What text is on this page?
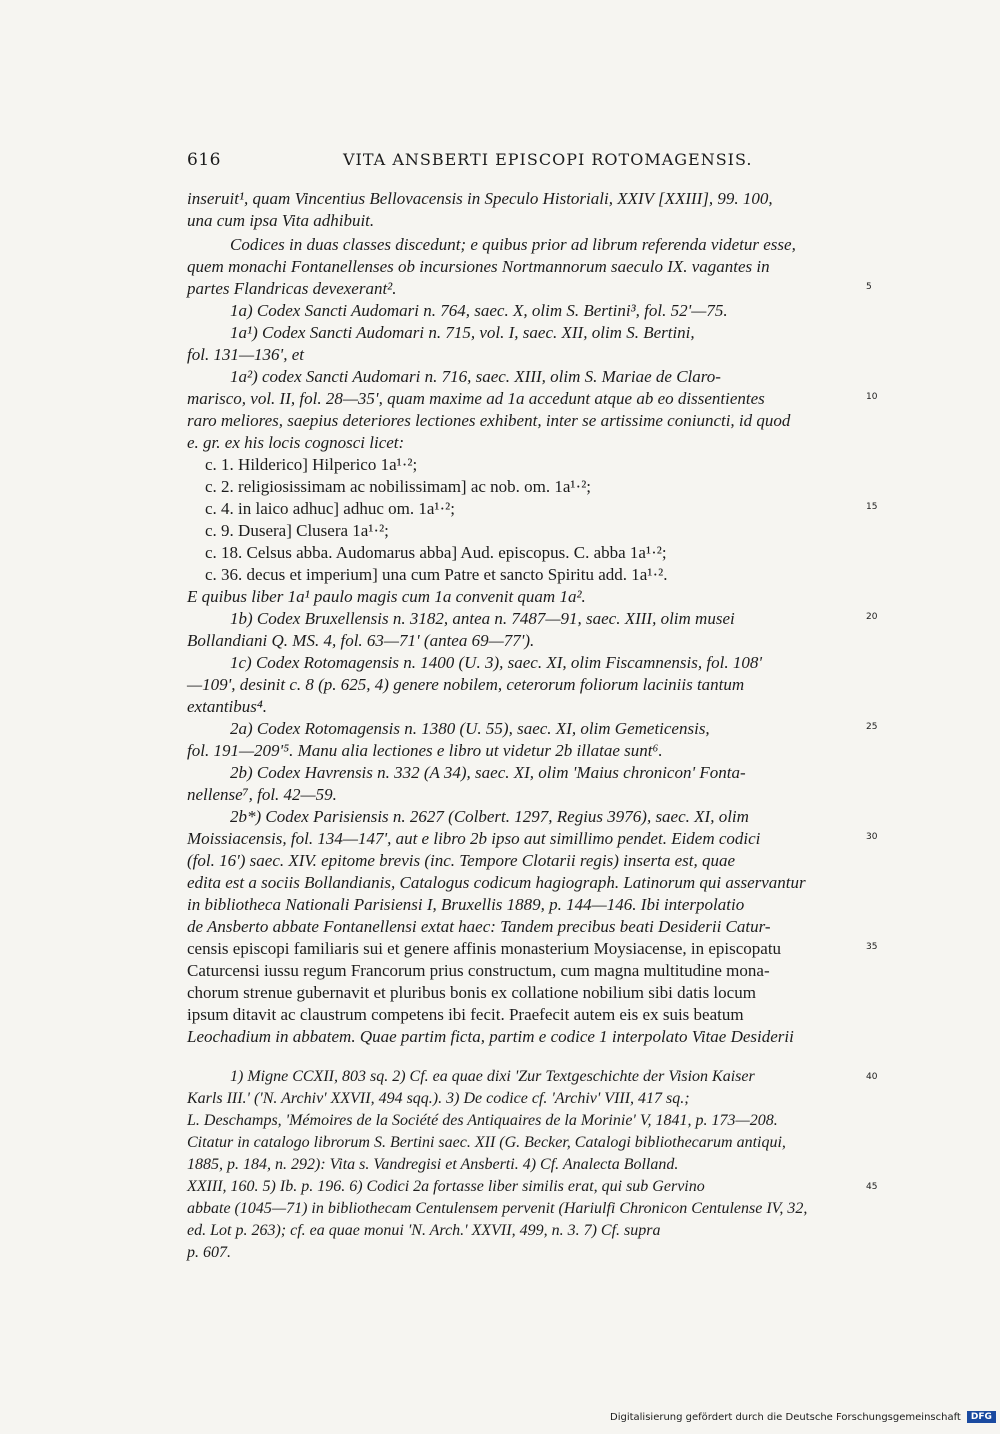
616	VITA ANSBERTI EPISCOPI ROTOMAGENSIS.
inseruit¹, quam Vincentius Bellovacensis in Speculo Historiali, XXIV [XXIII], 99. 100,
una cum ipsa Vita adhibuit.
Codices in duas classes discedunt; e quibus prior ad librum referenda videtur esse,
quem monachi Fontanellenses ob incursiones Nortmannorum saeculo IX. vagantes in
partes Flandricas devexerant².
1a) Codex Sancti Audomari n. 764, saec. X, olim S. Bertini³, fol. 52'—75.
1a¹) Codex Sancti Audomari n. 715, vol. I, saec. XII, olim S. Bertini,
fol. 131—136', et
1a²) codex Sancti Audomari n. 716, saec. XIII, olim S. Mariae de Claro-
marisco, vol. II, fol. 28—35', quam maxime ad 1a accedunt atque ab eo dissentientes
raro meliores, saepius deteriores lectiones exhibent, inter se artissime coniuncti, id quod
e. gr. ex his locis cognosci licet:
c. 1. Hilderico] Hilperico 1a¹·²;
c. 2. religiosissimam ac nobilissimam] ac nob. om. 1a¹·²;
c. 4. in laico adhuc] adhuc om. 1a¹·²;
c. 9. Dusera] Clusera 1a¹·²;
c. 18. Celsus abba. Audomarus abba] Aud. episcopus. C. abba 1a¹·²;
c. 36. decus et imperium] una cum Patre et sancto Spiritu add. 1a¹·².
E quibus liber 1a¹ paulo magis cum 1a convenit quam 1a².
1b) Codex Bruxellensis n. 3182, antea n. 7487—91, saec. XIII, olim musei
Bollandiani Q. MS. 4, fol. 63—71' (antea 69—77').
1c) Codex Rotomagensis n. 1400 (U. 3), saec. XI, olim Fiscamnensis, fol. 108'
—109', desinit c. 8 (p. 625, 4) genere nobilem, ceterorum foliorum laciniis tantum
extantibus⁴.
2a) Codex Rotomagensis n. 1380 (U. 55), saec. XI, olim Gemeticensis,
fol. 191—209'⁵. Manu alia lectiones e libro ut videtur 2b illatae sunt⁶.
2b) Codex Havrensis n. 332 (A 34), saec. XI, olim 'Maius chronicon' Fonta-
nellense⁷, fol. 42—59.
2b*) Codex Parisiensis n. 2627 (Colbert. 1297, Regius 3976), saec. XI, olim
Moissiacensis, fol. 134—147', aut e libro 2b ipso aut simillimo pendet. Eidem codici
(fol. 16') saec. XIV. epitome brevis (inc. Tempore Clotarii regis) inserta est, quae
edita est a sociis Bollandianis, Catalogus codicum hagiograph. Latinorum qui asservantur
in bibliotheca Nationali Parisiensi I, Bruxellis 1889, p. 144—146. Ibi interpolatio
de Ansberto abbate Fontanellensi extat haec: Tandem precibus beati Desiderii Catur-
censis episcopi familiaris sui et genere affinis monasterium Moysiacense, in episcopatu
Caturcensi iussu regum Francorum prius constructum, cum magna multitudine mona-
chorum strenue gubernavit et pluribus bonis ex collatione nobilium sibi datis locum
ipsum ditavit ac claustrum competens ibi fecit. Praefecit autem eis ex suis beatum
Leochadium in abbatem. Quae partim ficta, partim e codice 1 interpolato Vitae Desiderii
1) Migne CCXII, 803 sq. 2) Cf. ea quae dixi 'Zur Textgeschichte der Vision Kaiser
Karls III.' ('N. Archiv' XXVII, 494 sqq.). 3) De codice cf. 'Archiv' VIII, 417 sq.;
L. Deschamps, 'Mémoires de la Société des Antiquaires de la Morinie' V, 1841, p. 173—208.
Citatur in catalogo librorum S. Bertini saec. XII (G. Becker, Catalogi bibliothecarum antiqui,
1885, p. 184, n. 292): Vita s. Vandregisi et Ansberti. 4) Cf. Analecta Bolland.
XXIII, 160. 5) Ib. p. 196. 6) Codici 2a fortasse liber similis erat, qui sub Gervino
abbate (1045—71) in bibliothecam Centulensem pervenit (Hariulfi Chronicon Centulense IV, 32,
ed. Lot p. 263); cf. ea quae monui 'N. Arch.' XXVII, 499, n. 3. 7) Cf. supra
p. 607.
5
10
15
20
25
30
35
40
45
Digitalisierung gefördert durch die Deutsche Forschungsgemeinschaft	DFG
